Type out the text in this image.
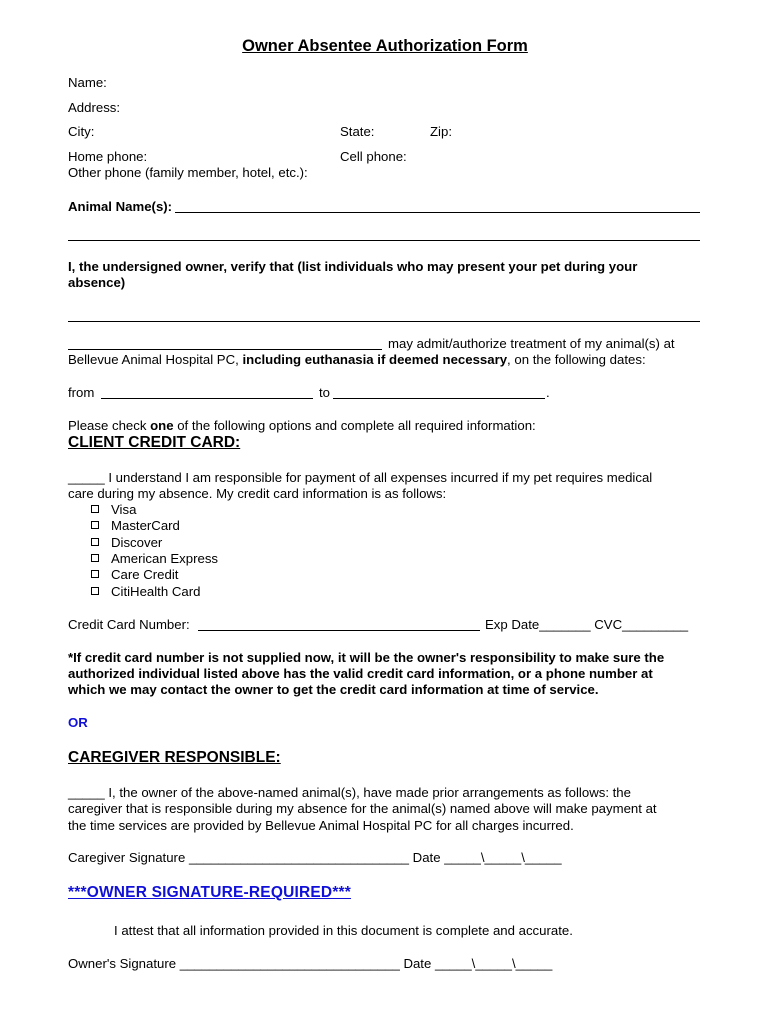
Owner Absentee Authorization Form
Name:
Address:
City:	State:	Zip:
Home phone:	Cell phone:
Other phone (family member, hotel, etc.):
Animal Name(s):
I, the undersigned owner, verify that (list individuals who may present your pet during your
absence)
may admit/authorize treatment of my animal(s) at
Bellevue Animal Hospital PC, including euthanasia if deemed necessary, on the following dates:
from	to	.
Please check one of the following options and complete all required information:
CLIENT CREDIT CARD:
_____ I understand I am responsible for payment of all expenses incurred if my pet requires medical
care during my absence. My credit card information is as follows:
Visa
MasterCard
Discover
American Express
Care Credit
CitiHealth Card
Credit Card Number:	Exp Date_______ CVC_________
*If credit card number is not supplied now, it will be the owner's responsibility to make sure the
authorized individual listed above has the valid credit card information, or a phone number at
which we may contact the owner to get the credit card information at time of service.
OR
CAREGIVER RESPONSIBLE:
_____ I, the owner of the above-named animal(s), have made prior arrangements as follows: the
caregiver that is responsible during my absence for the animal(s) named above will make payment at
the time services are provided by Bellevue Animal Hospital PC for all charges incurred.
Caregiver Signature ______________________________ Date _____\_____\_____
***OWNER SIGNATURE-REQUIRED***
I attest that all information provided in this document is complete and accurate.
Owner's Signature ______________________________ Date _____\_____\_____
